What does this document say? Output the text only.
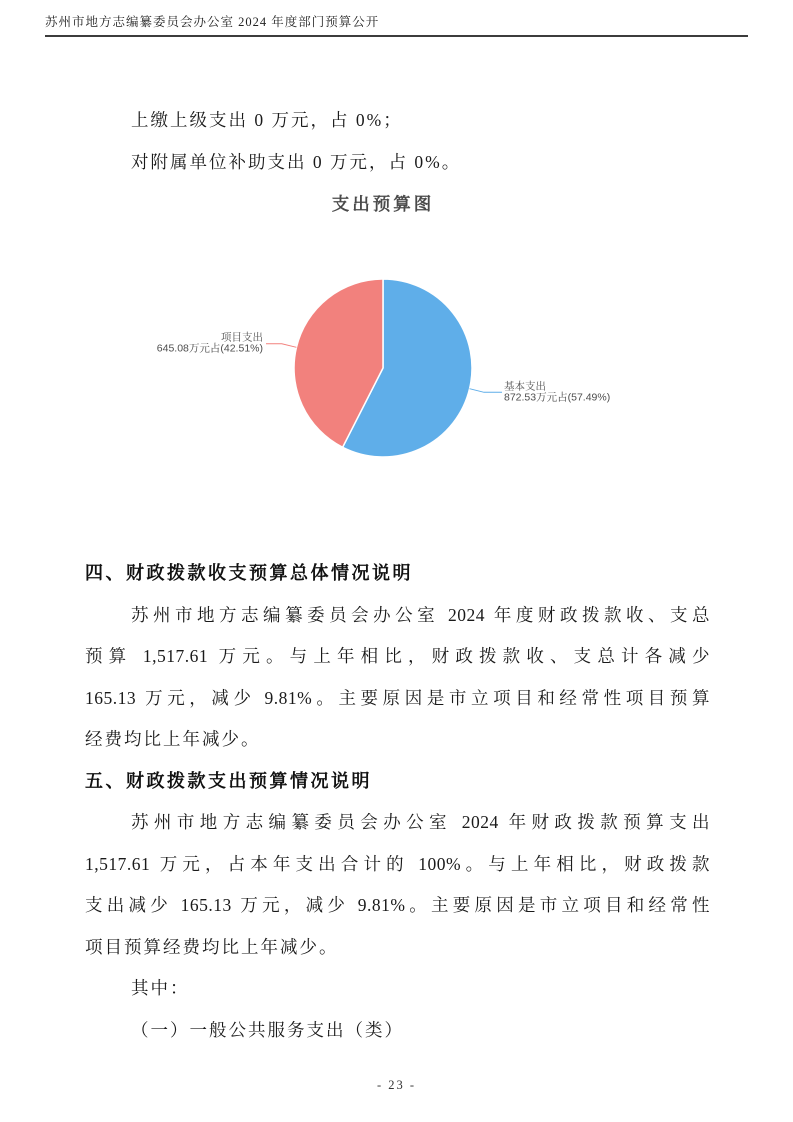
苏州市地方志编纂委员会办公室 2024 年度部门预算公开
上缴上级支出 0 万元，占 0%；
对附属单位补助支出 0 万元，占 0%。
支出预算图
项目支出
645.08万元占(42.51%)
基本支出
872.53万元占(57.49%)
四、财政拨款收支预算总体情况说明
苏州市地方志编纂委员会办公室 2024 年度财政拨款收、支总
预算 1,517.61 万元。与上年相比，财政拨款收、支总计各减少
165.13 万元，减少 9.81%。主要原因是市立项目和经常性项目预算
经费均比上年减少。
五、财政拨款支出预算情况说明
苏州市地方志编纂委员会办公室 2024 年财政拨款预算支出
1,517.61 万元，占本年支出合计的 100%。与上年相比，财政拨款
支出减少 165.13 万元，减少 9.81%。主要原因是市立项目和经常性
项目预算经费均比上年减少。
其中：
（一）一般公共服务支出（类）
- 23 -
